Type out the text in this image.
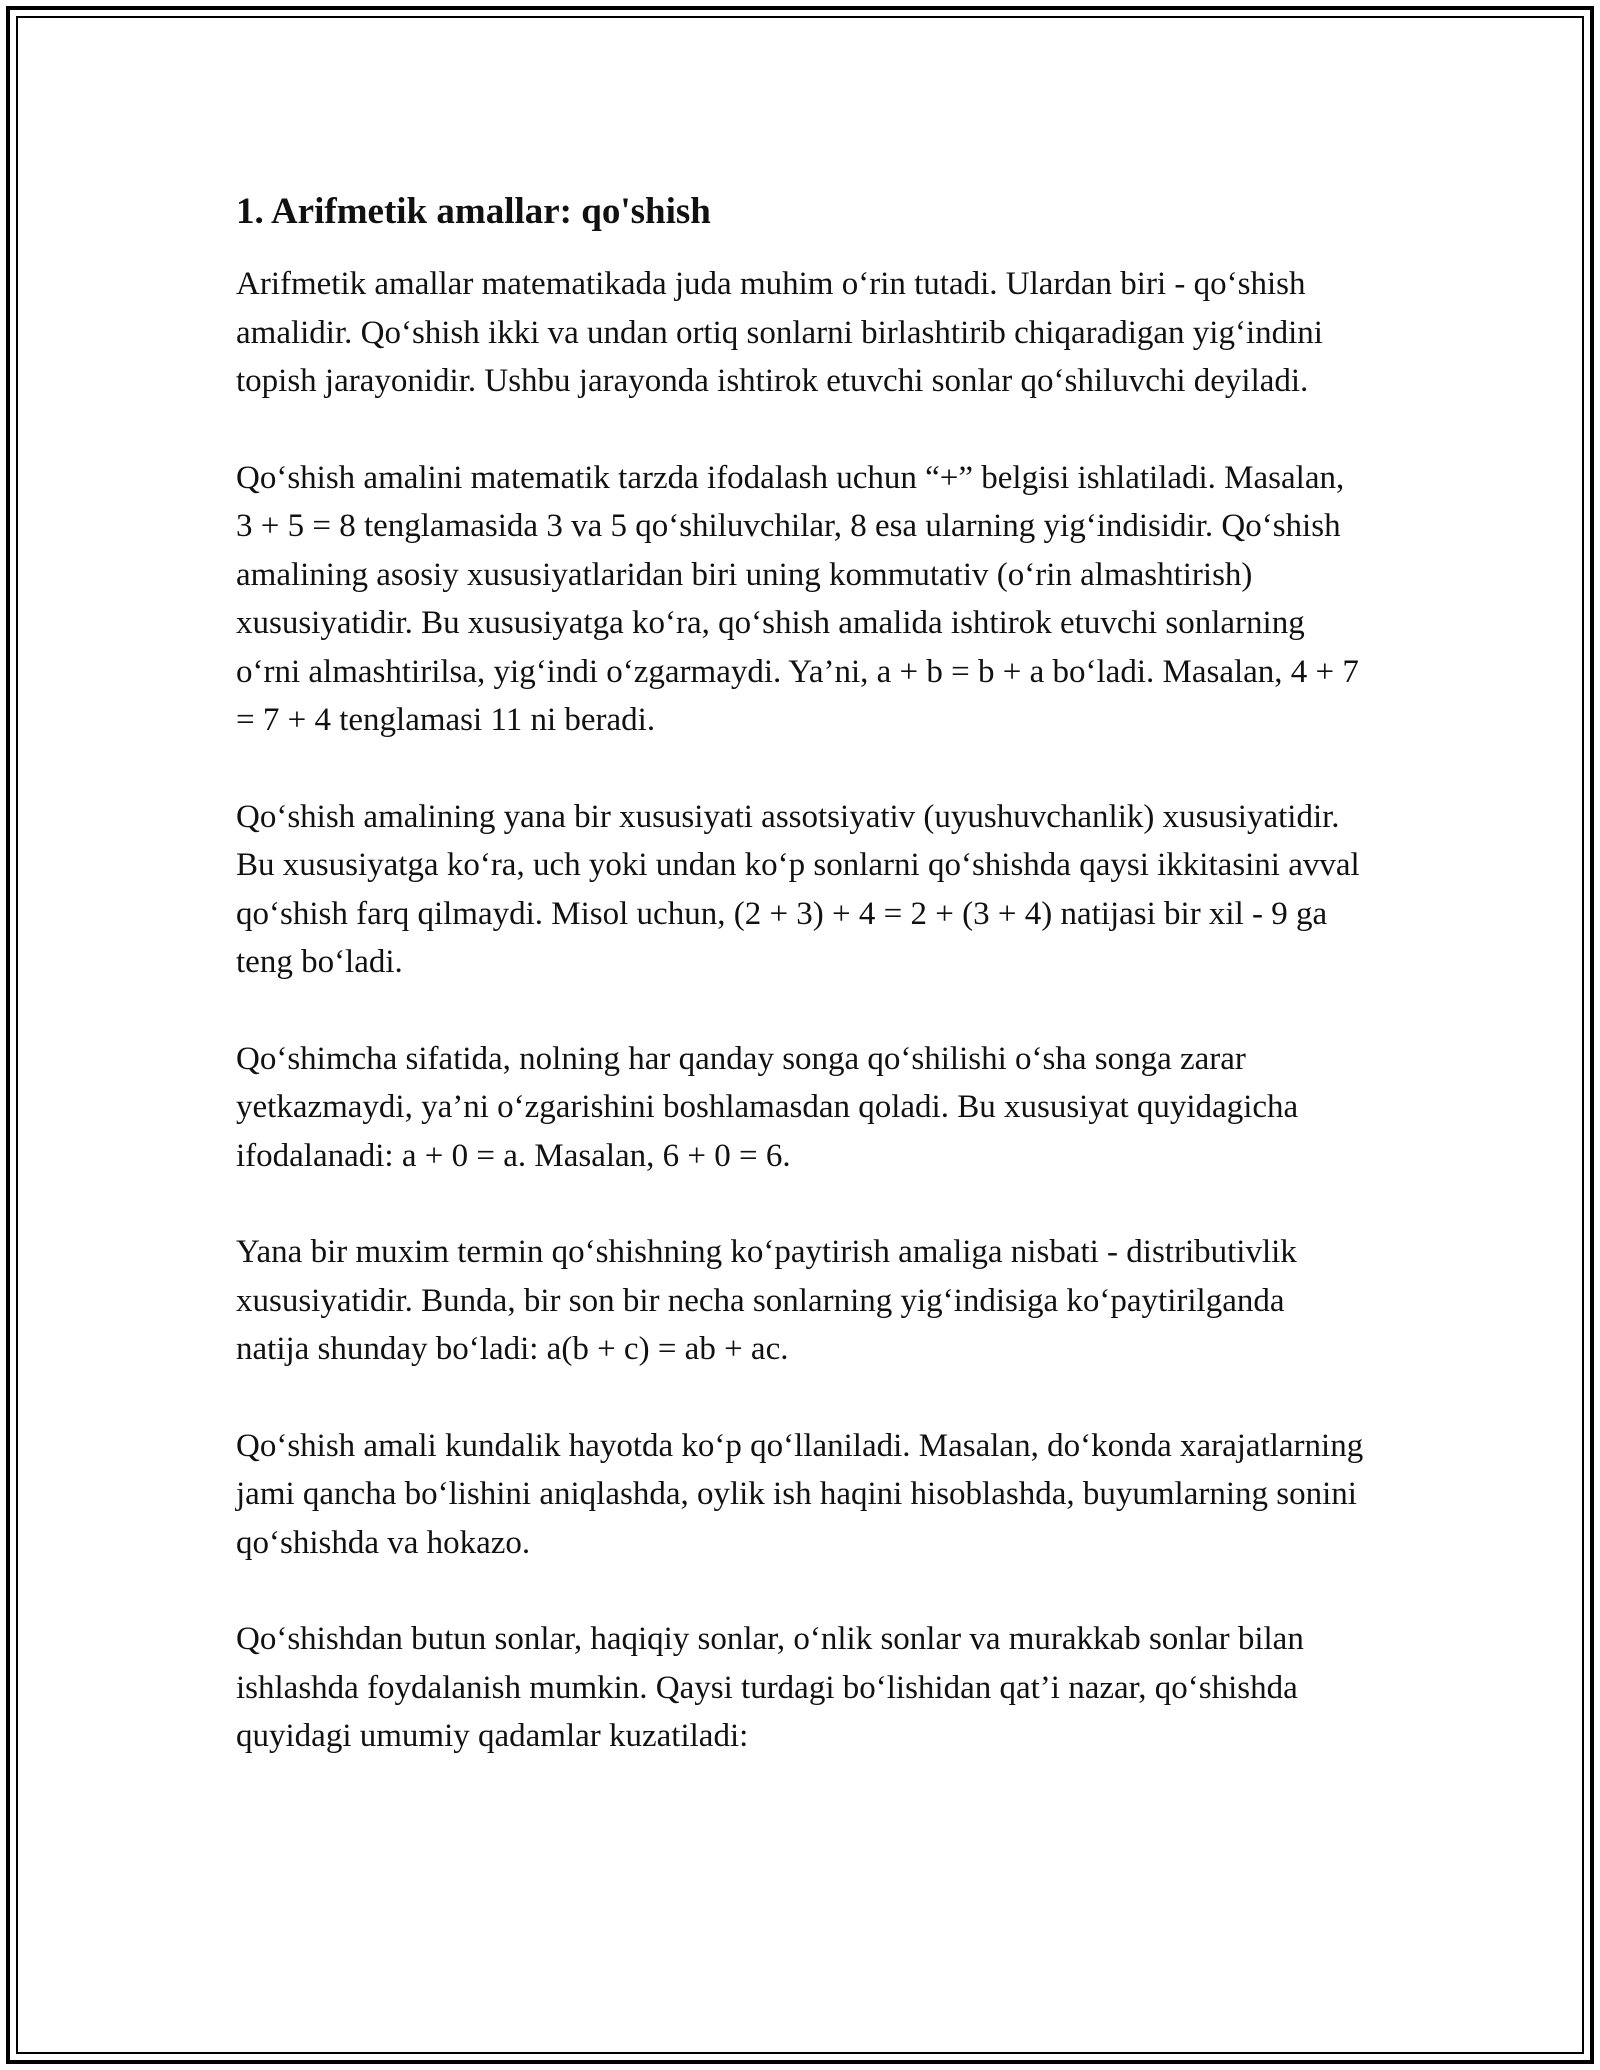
1. Arifmetik amallar: qo'shish

Arifmetik amallar matematikada juda muhim o‘rin tutadi. Ulardan biri - qo‘shish amalidir. Qo‘shish ikki va undan ortiq sonlarni birlashtirib chiqaradigan yig‘indini topish jarayonidir. Ushbu jarayonda ishtirok etuvchi sonlar qo‘shiluvchi deyiladi.

Qo‘shish amalini matematik tarzda ifodalash uchun “+” belgisi ishlatiladi. Masalan, 3 + 5 = 8 tenglamasida 3 va 5 qo‘shiluvchilar, 8 esa ularning yig‘indisidir. Qo‘shish amalining asosiy xususiyatlaridan biri uning kommutativ (o‘rin almashtirish) xususiyatidir. Bu xususiyatga ko‘ra, qo‘shish amalida ishtirok etuvchi sonlarning o‘rni almashtirilsa, yig‘indi o‘zgarmaydi. Ya’ni, a + b = b + a bo‘ladi. Masalan, 4 + 7 = 7 + 4 tenglamasi 11 ni beradi.

Qo‘shish amalining yana bir xususiyati assotsiyativ (uyushuvchanlik) xususiyatidir. Bu xususiyatga ko‘ra, uch yoki undan ko‘p sonlarni qo‘shishda qaysi ikkitasini avval qo‘shish farq qilmaydi. Misol uchun, (2 + 3) + 4 = 2 + (3 + 4) natijasi bir xil - 9 ga teng bo‘ladi.

Qo‘shimcha sifatida, nolning har qanday songa qo‘shilishi o‘sha songa zarar yetkazmaydi, ya’ni o‘zgarishini boshlamasdan qoladi. Bu xususiyat quyidagicha ifodalanadi: a + 0 = a. Masalan, 6 + 0 = 6.

Yana bir muxim termin qo‘shishning ko‘paytirish amaliga nisbati - distributivlik xususiyatidir. Bunda, bir son bir necha sonlarning yig‘indisiga ko‘paytirilganda natija shunday bo‘ladi: a(b + c) = ab + ac.

Qo‘shish amali kundalik hayotda ko‘p qo‘llaniladi. Masalan, do‘konda xarajatlarning jami qancha bo‘lishini aniqlashda, oylik ish haqini hisoblashda, buyumlarning sonini qo‘shishda va hokazo.

Qo‘shishdan butun sonlar, haqiqiy sonlar, o‘nlik sonlar va murakkab sonlar bilan ishlashda foydalanish mumkin. Qaysi turdagi bo‘lishidan qat’i nazar, qo‘shishda quyidagi umumiy qadamlar kuzatiladi:
